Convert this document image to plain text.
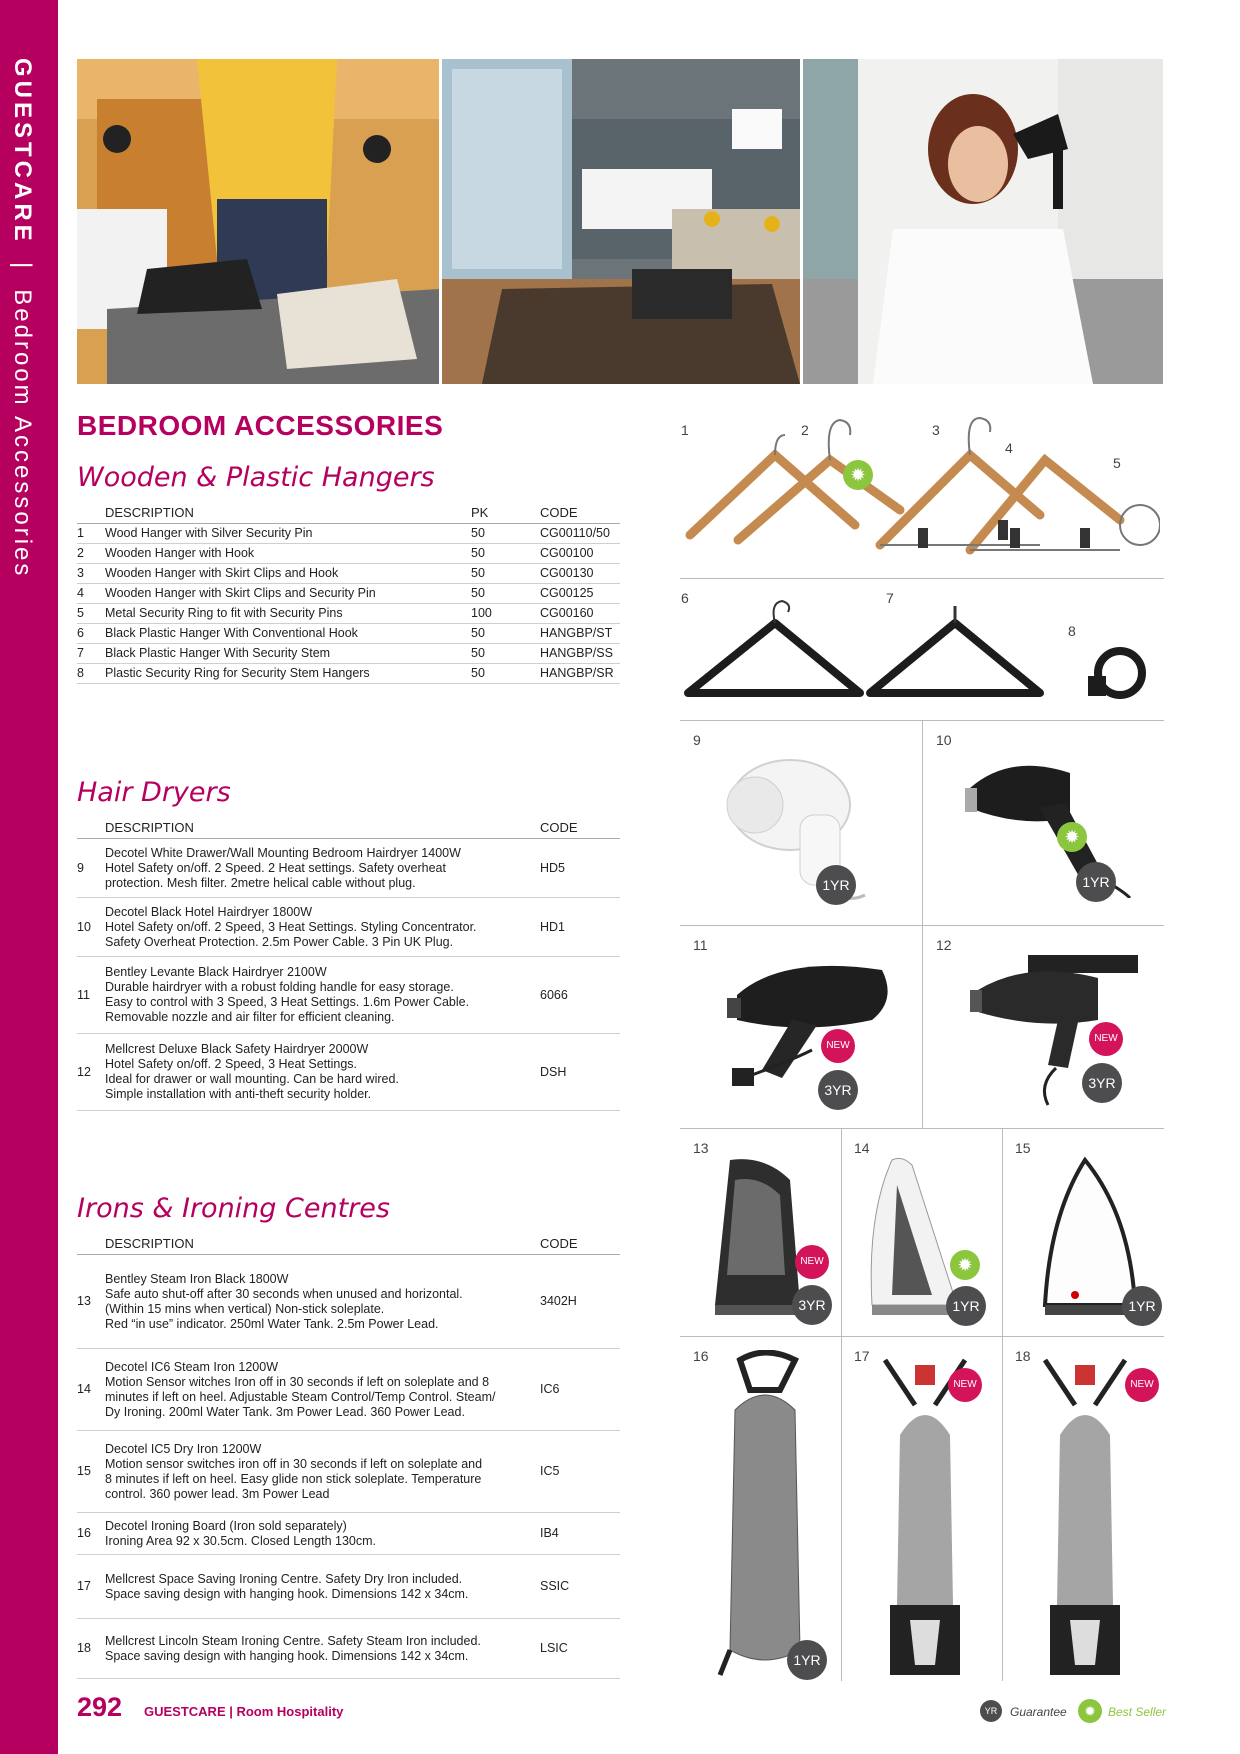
GUESTCARE | Bedroom Accessories BEDROOM ACCESSORIES
Wooden & Plastic Hangers
Hair Dryers
Irons & Ironing Centres
	DESCRIPTION	PK	CODE
1	Wood Hanger with Silver Security Pin	50	CG00110/50
2	Wooden Hanger with Hook	50	CG00100
3	Wooden Hanger with Skirt Clips and Hook	50	CG00130
4	Wooden Hanger with Skirt Clips and Security Pin	50	CG00125
5	Metal Security Ring to fit with Security Pins	100	CG00160
6	Black Plastic Hanger With Conventional Hook	50	HANGBP/ST
7	Black Plastic Hanger With Security Stem	50	HANGBP/SS
8	Plastic Security Ring for Security Stem Hangers	50	HANGBP/SR
	DESCRIPTION	CODE
9	Decotel White Drawer/Wall Mounting Bedroom Hairdryer 1400W
Hotel Safety on/off. 2 Speed. 2 Heat settings. Safety overheat
protection. Mesh filter. 2metre helical cable without plug.	HD5
10	Decotel Black Hotel Hairdryer 1800W
Hotel Safety on/off. 2 Speed, 3 Heat Settings. Styling Concentrator.
Safety Overheat Protection. 2.5m Power Cable. 3 Pin UK Plug.	HD1
11	Bentley Levante Black Hairdryer 2100W
Durable hairdryer with a robust folding handle for easy storage.
Easy to control with 3 Speed, 3 Heat Settings. 1.6m Power Cable.
Removable nozzle and air filter for efficient cleaning.	6066
12	Mellcrest Deluxe Black Safety Hairdryer 2000W
Hotel Safety on/off. 2 Speed, 3 Heat Settings.
Ideal for drawer or wall mounting. Can be hard wired.
Simple installation with anti-theft security holder.	DSH
	DESCRIPTION	CODE
13	Bentley Steam Iron Black 1800W
Safe auto shut-off after 30 seconds when unused and horizontal.
(Within 15 mins when vertical) Non-stick soleplate.
Red “in use” indicator. 250ml Water Tank. 2.5m Power Lead.	3402H
14	Decotel IC6 Steam Iron 1200W
Motion Sensor witches Iron off in 30 seconds if left on soleplate and 8
minutes if left on heel. Adjustable Steam Control/Temp Control. Steam/
Dy Ironing. 200ml Water Tank. 3m Power Lead. 360 Power Lead.	IC6
15	Decotel IC5 Dry Iron 1200W
Motion sensor switches iron off in 30 seconds if left on soleplate and
8 minutes if left on heel. Easy glide non stick soleplate. Temperature
control. 360 power lead. 3m Power Lead	IC5
16	Decotel Ironing Board (Iron sold separately)
Ironing Area 92 x 30.5cm. Closed Length 130cm.	IB4
17	Mellcrest Space Saving Ironing Centre. Safety Dry Iron included.
Space saving design with hanging hook. Dimensions 142 x 34cm.	SSIC
18	Mellcrest Lincoln Steam Ironing Centre. Safety Steam Iron included.
Space saving design with hanging hook. Dimensions 142 x 34cm.	LSIC
1	2	3
4
5
6	7
8
9	10
11	12
13	14	15
16	17	18
✹
1YR
✹	1YR
NEW
3YR
NEW
3YR
NEW
3YR
✹	1YR	1YR
1YR
NEW	NEW
292 GUESTCARE | Room Hospitality	YR	Guarantee ✹	Best Seller
